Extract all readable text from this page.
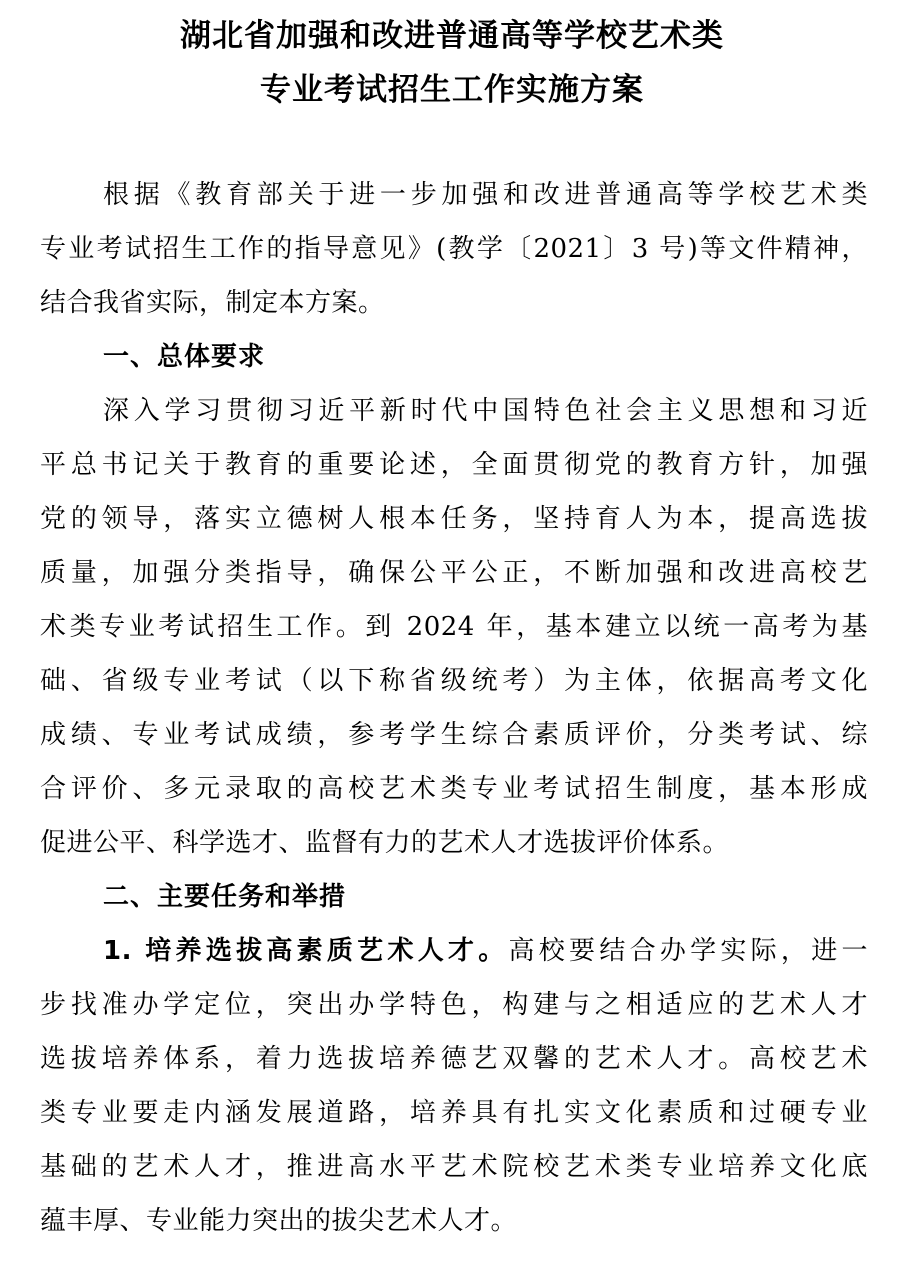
湖北省加强和改进普通高等学校艺术类
专业考试招生工作实施方案
根据《教育部关于进一步加强和改进普通高等学校艺术类
专业考试招生工作的指导意见》(教学〔2021〕3 号)等文件精神，
结合我省实际，制定本方案。
一、总体要求
深入学习贯彻习近平新时代中国特色社会主义思想和习近
平总书记关于教育的重要论述，全面贯彻党的教育方针，加强
党的领导，落实立德树人根本任务，坚持育人为本，提高选拔
质量，加强分类指导，确保公平公正，不断加强和改进高校艺
术类专业考试招生工作。到 2024 年，基本建立以统一高考为基
础、省级专业考试（以下称省级统考）为主体，依据高考文化
成绩、专业考试成绩，参考学生综合素质评价，分类考试、综
合评价、多元录取的高校艺术类专业考试招生制度，基本形成
促进公平、科学选才、监督有力的艺术人才选拔评价体系。
二、主要任务和举措
1. 培养选拔高素质艺术人才。高校要结合办学实际，进一
步找准办学定位，突出办学特色，构建与之相适应的艺术人才
选拔培养体系，着力选拔培养德艺双馨的艺术人才。高校艺术
类专业要走内涵发展道路，培养具有扎实文化素质和过硬专业
基础的艺术人才，推进高水平艺术院校艺术类专业培养文化底
蕴丰厚、专业能力突出的拔尖艺术人才。
